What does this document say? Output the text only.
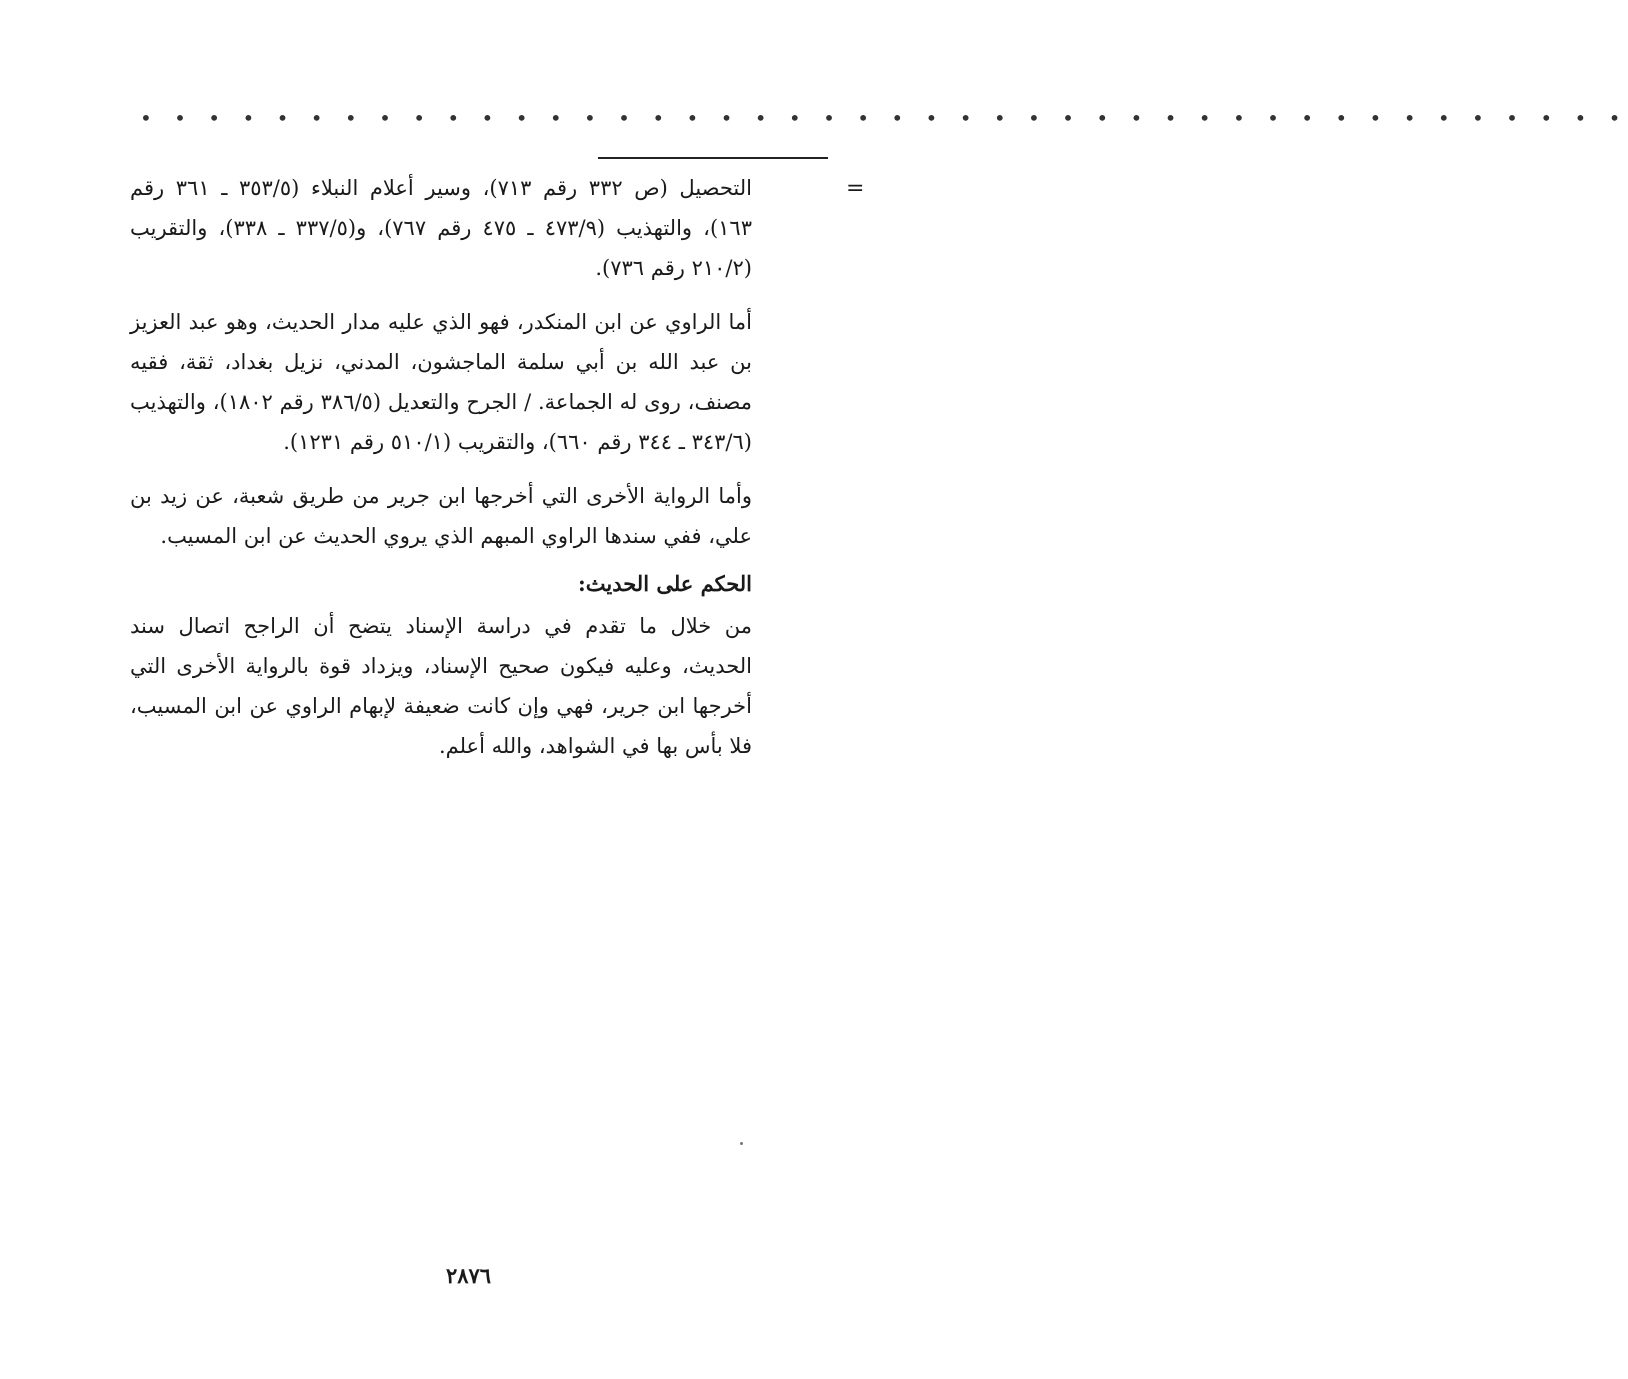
• • • • • • • • • • • • • • • • • • • • • • • • • • • • • • • • • • • • • • • • • • • •
=

التحصيل (ص ٣٣٢ رقم ٧١٣)، وسير أعلام النبلاء (٣٥٣/٥ ـ ٣٦١ رقم ١٦٣)، والتهذيب (٤٧٣/٩ ـ ٤٧٥ رقم ٧٦٧)، و(٣٣٧/٥ ـ ٣٣٨)، والتقريب (٢١٠/٢ رقم ٧٣٦).

أما الراوي عن ابن المنكدر، فهو الذي عليه مدار الحديث، وهو عبد العزيز بن عبد الله بن أبي سلمة الماجشون، المدني، نزيل بغداد، ثقة، فقيه مصنف، روى له الجماعة. / الجرح والتعديل (٣٨٦/٥ رقم ١٨٠٢)، والتهذيب (٣٤٣/٦ ـ ٣٤٤ رقم ٦٦٠)، والتقريب (٥١٠/١ رقم ١٢٣١).

وأما الرواية الأخرى التي أخرجها ابن جرير من طريق شعبة، عن زيد بن علي، ففي سندها الراوي المبهم الذي يروي الحديث عن ابن المسيب.

الحكم على الحديث:

من خلال ما تقدم في دراسة الإسناد يتضح أن الراجح اتصال سند الحديث، وعليه فيكون صحيح الإسناد، ويزداد قوة بالرواية الأخرى التي أخرجها ابن جرير، فهي وإن كانت ضعيفة لإبهام الراوي عن ابن المسيب، فلا بأس بها في الشواهد، والله أعلم.

٢٨٧٦
